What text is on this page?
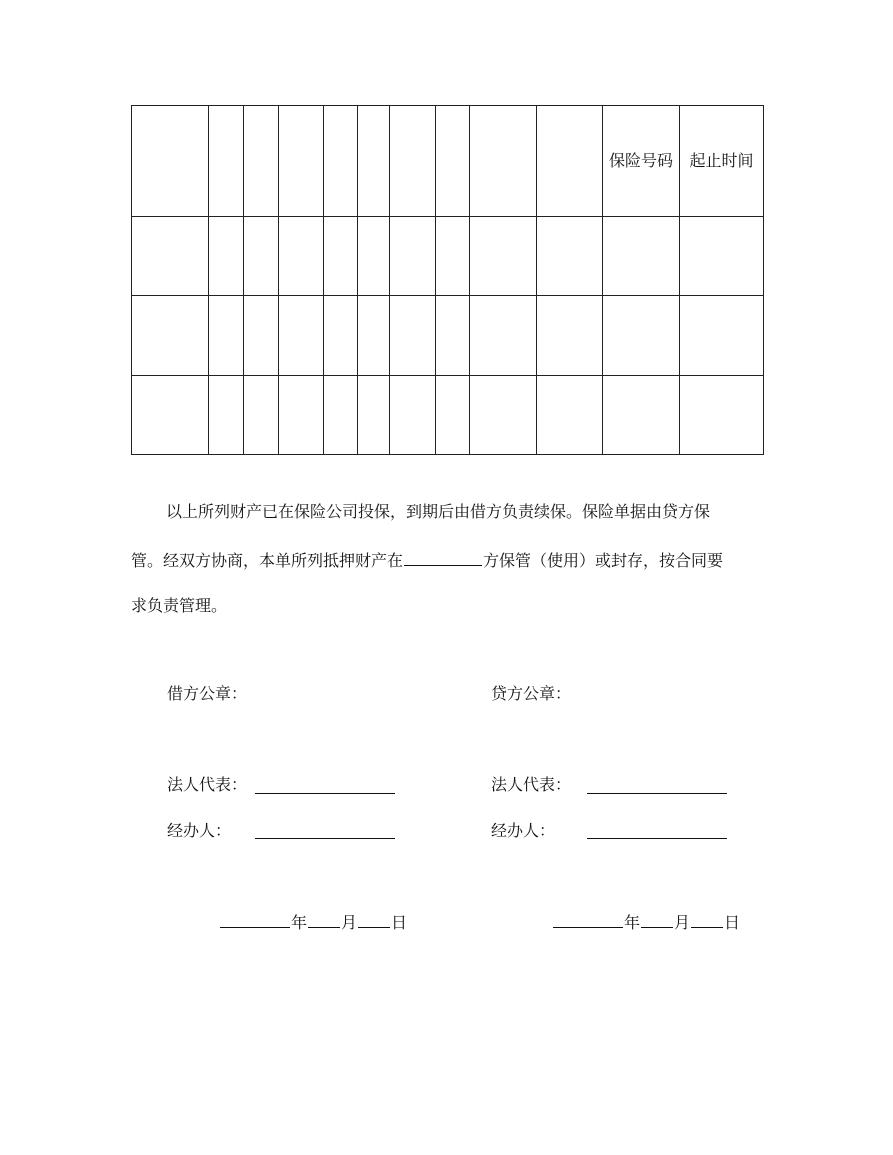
										保险号码	起止时间

以上所列财产已在保险公司投保，到期后由借方负责续保。保险单据由贷方保
管。经双方协商，本单所列抵押财产在	方保管（使用）或封存，按合同要
求负责管理。
借方公章：	贷方公章：
法人代表：	法人代表：
经办人：	经办人：
年 月 日	年 月 日
